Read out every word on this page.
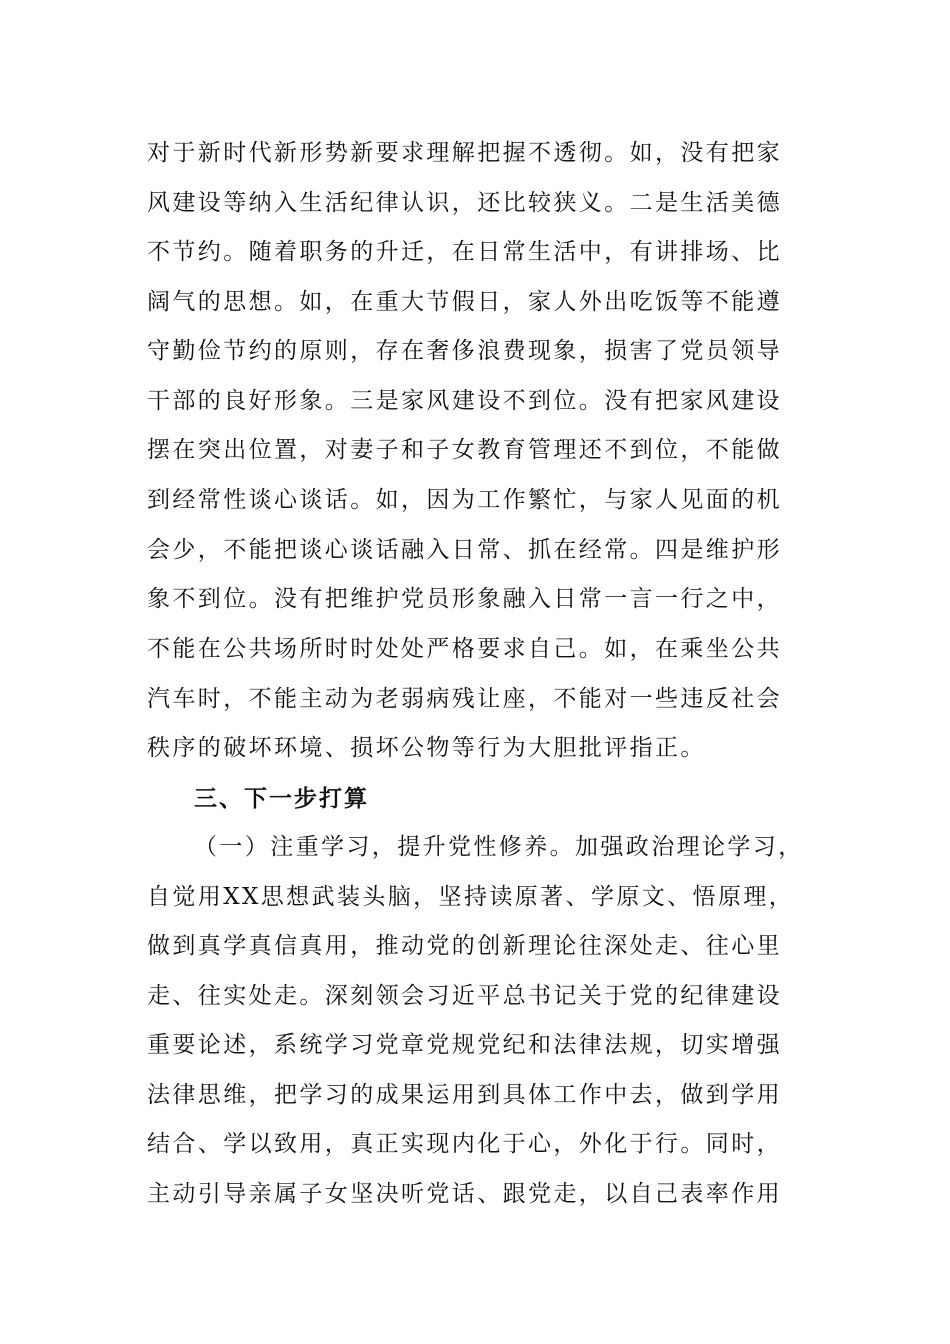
对于新时代新形势新要求理解把握不透彻。如，没有把家
风建设等纳入生活纪律认识，还比较狭义。二是生活美德
不节约。随着职务的升迁，在日常生活中，有讲排场、比
阔气的思想。如，在重大节假日，家人外出吃饭等不能遵
守勤俭节约的原则，存在奢侈浪费现象，损害了党员领导
干部的良好形象。三是家风建设不到位。没有把家风建设
摆在突出位置，对妻子和子女教育管理还不到位，不能做
到经常性谈心谈话。如，因为工作繁忙，与家人见面的机
会少，不能把谈心谈话融入日常、抓在经常。四是维护形
象不到位。没有把维护党员形象融入日常一言一行之中，
不能在公共场所时时处处严格要求自己。如，在乘坐公共
汽车时，不能主动为老弱病残让座，不能对一些违反社会
秩序的破坏环境、损坏公物等行为大胆批评指正。
三、下一步打算
（一）注重学习，提升党性修养。加强政治理论学习，
自觉用XX思想武装头脑，坚持读原著、学原文、悟原理，
做到真学真信真用，推动党的创新理论往深处走、往心里
走、往实处走。深刻领会习近平总书记关于党的纪律建设
重要论述，系统学习党章党规党纪和法律法规，切实增强
法律思维，把学习的成果运用到具体工作中去，做到学用
结合、学以致用，真正实现内化于心，外化于行。同时，
主动引导亲属子女坚决听党话、跟党走，以自己表率作用
